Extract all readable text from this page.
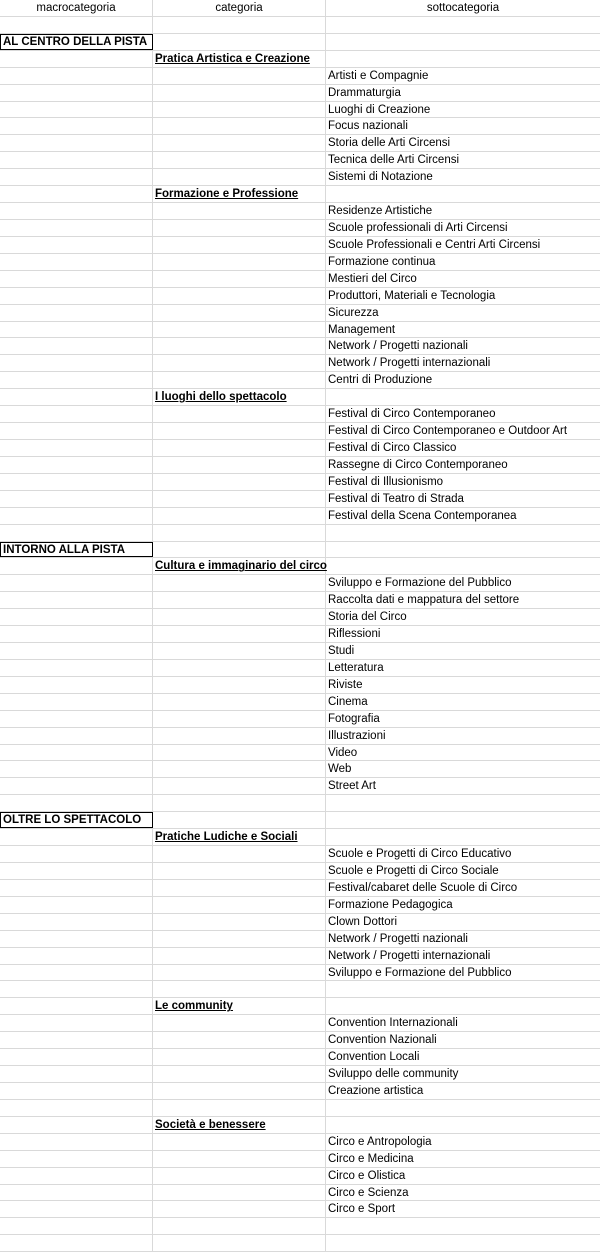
macrocategoria	categoria	sottocategoria
AL CENTRO DELLA PISTA
Pratica Artistica e Creazione
Artisti e Compagnie
Drammaturgia
Luoghi di Creazione
Focus nazionali
Storia delle Arti Circensi
Tecnica delle Arti Circensi
Sistemi di Notazione
Formazione e Professione
Residenze Artistiche
Scuole professionali di Arti Circensi
Scuole Professionali e Centri Arti Circensi
Formazione continua
Mestieri del Circo
Produttori, Materiali e Tecnologia
Sicurezza
Management
Network / Progetti nazionali
Network / Progetti internazionali
Centri di Produzione
I luoghi dello spettacolo
Festival di Circo Contemporaneo
Festival di Circo Contemporaneo e Outdoor Art
Festival di Circo Classico
Rassegne di Circo Contemporaneo
Festival di Illusionismo
Festival di Teatro di Strada
Festival della Scena Contemporanea
INTORNO ALLA PISTA
Cultura e immaginario del circo
Sviluppo e Formazione del Pubblico
Raccolta dati e mappatura del settore
Storia del Circo
Riflessioni
Studi
Letteratura
Riviste
Cinema
Fotografia
Illustrazioni
Video
Web
Street Art
OLTRE LO SPETTACOLO
Pratiche Ludiche e Sociali
Scuole e Progetti di Circo Educativo
Scuole e Progetti di Circo Sociale
Festival/cabaret delle Scuole di Circo
Formazione Pedagogica
Clown Dottori
Network / Progetti nazionali
Network / Progetti internazionali
Sviluppo e Formazione del Pubblico
Le community
Convention Internazionali
Convention Nazionali
Convention Locali
Sviluppo delle community
Creazione artistica
Società e benessere
Circo e Antropologia
Circo e Medicina
Circo e Olistica
Circo e Scienza
Circo e Sport
